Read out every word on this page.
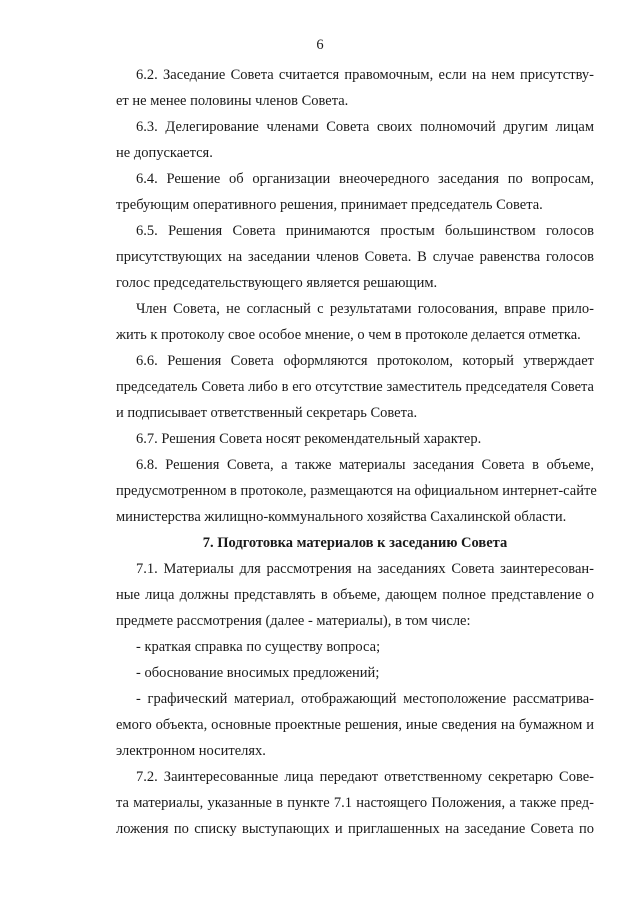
6
6.2. Заседание Совета считается правомочным, если на нем присутству-
ет не менее половины членов Совета.
6.3. Делегирование членами Совета своих полномочий другим лицам
не допускается.
6.4. Решение об организации внеочередного заседания по вопросам,
требующим оперативного решения, принимает председатель Совета.
6.5. Решения Совета принимаются простым большинством голосов
присутствующих на заседании членов Совета. В случае равенства голосов
голос председательствующего является решающим.
Член Совета, не согласный с результатами голосования, вправе прило-
жить к протоколу свое особое мнение, о чем в протоколе делается отметка.
6.6. Решения Совета оформляются протоколом, который утверждает
председатель Совета либо в его отсутствие заместитель председателя Совета
и подписывает ответственный секретарь Совета.
6.7. Решения Совета носят рекомендательный характер.
6.8. Решения Совета, а также материалы заседания Совета в объеме,
предусмотренном в протоколе, размещаются на официальном интернет-сайте
министерства жилищно-коммунального хозяйства Сахалинской области.
7. Подготовка материалов к заседанию Совета
7.1. Материалы для рассмотрения на заседаниях Совета заинтересован-
ные лица должны представлять в объеме, дающем полное представление о
предмете рассмотрения (далее - материалы), в том числе:
- краткая справка по существу вопроса;
- обоснование вносимых предложений;
- графический материал, отображающий местоположение рассматрива-
емого объекта, основные проектные решения, иные сведения на бумажном и
электронном носителях.
7.2. Заинтересованные лица передают ответственному секретарю Сове-
та материалы, указанные в пункте 7.1 настоящего Положения, а также пред-
ложения по списку выступающих и приглашенных на заседание Совета по
